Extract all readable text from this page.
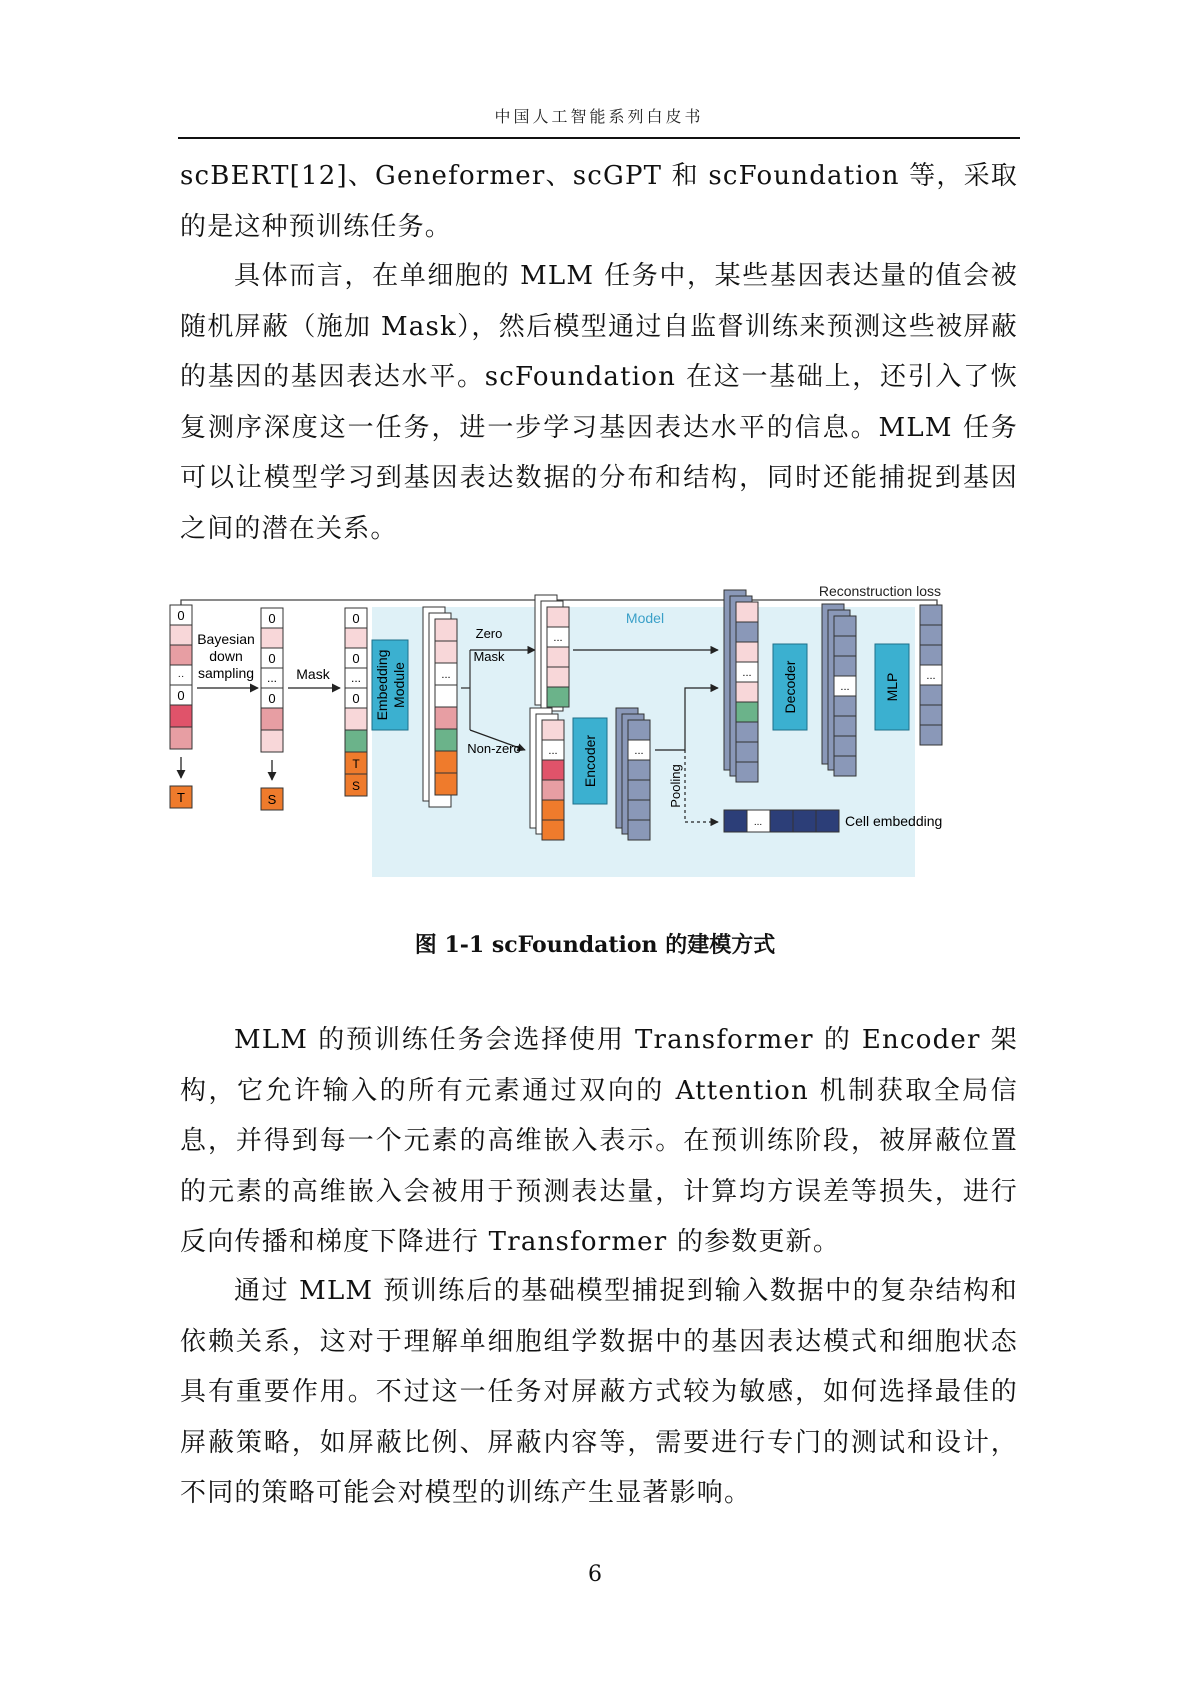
中国人工智能系列白皮书

scBERT[12]、Geneformer、scGPT 和 scFoundation 等，采取的是这种预训练任务。

具体而言，在单细胞的 MLM 任务中，某些基因表达量的值会被随机屏蔽（施加 Mask），然后模型通过自监督训练来预测这些被屏蔽的基因的基因表达水平。scFoundation 在这一基础上，还引入了恢复测序深度这一任务，进一步学习基因表达水平的信息。MLM 任务可以让模型学习到基因表达数据的分布和结构，同时还能捕捉到基因之间的潜在关系。

Model
Reconstruction loss
0
··
0
T
Bayesian
down
sampling
0
0
...
0
S
Mask
0
0
...
0
T
S
Embedding Module	...
Zero
Mask
Non-zero
...
... Encoder	...
Pooling
... Decoder	... MLP ...
...	Cell embedding
图 1-1 scFoundation 的建模方式

MLM 的预训练任务会选择使用 Transformer 的 Encoder 架构，它允许输入的所有元素通过双向的 Attention 机制获取全局信息，并得到每一个元素的高维嵌入表示。在预训练阶段，被屏蔽位置的元素的高维嵌入会被用于预测表达量，计算均方误差等损失，进行反向传播和梯度下降进行 Transformer 的参数更新。

通过 MLM 预训练后的基础模型捕捉到输入数据中的复杂结构和依赖关系，这对于理解单细胞组学数据中的基因表达模式和细胞状态具有重要作用。不过这一任务对屏蔽方式较为敏感，如何选择最佳的屏蔽策略，如屏蔽比例、屏蔽内容等，需要进行专门的测试和设计，不同的策略可能会对模型的训练产生显著影响。

6
